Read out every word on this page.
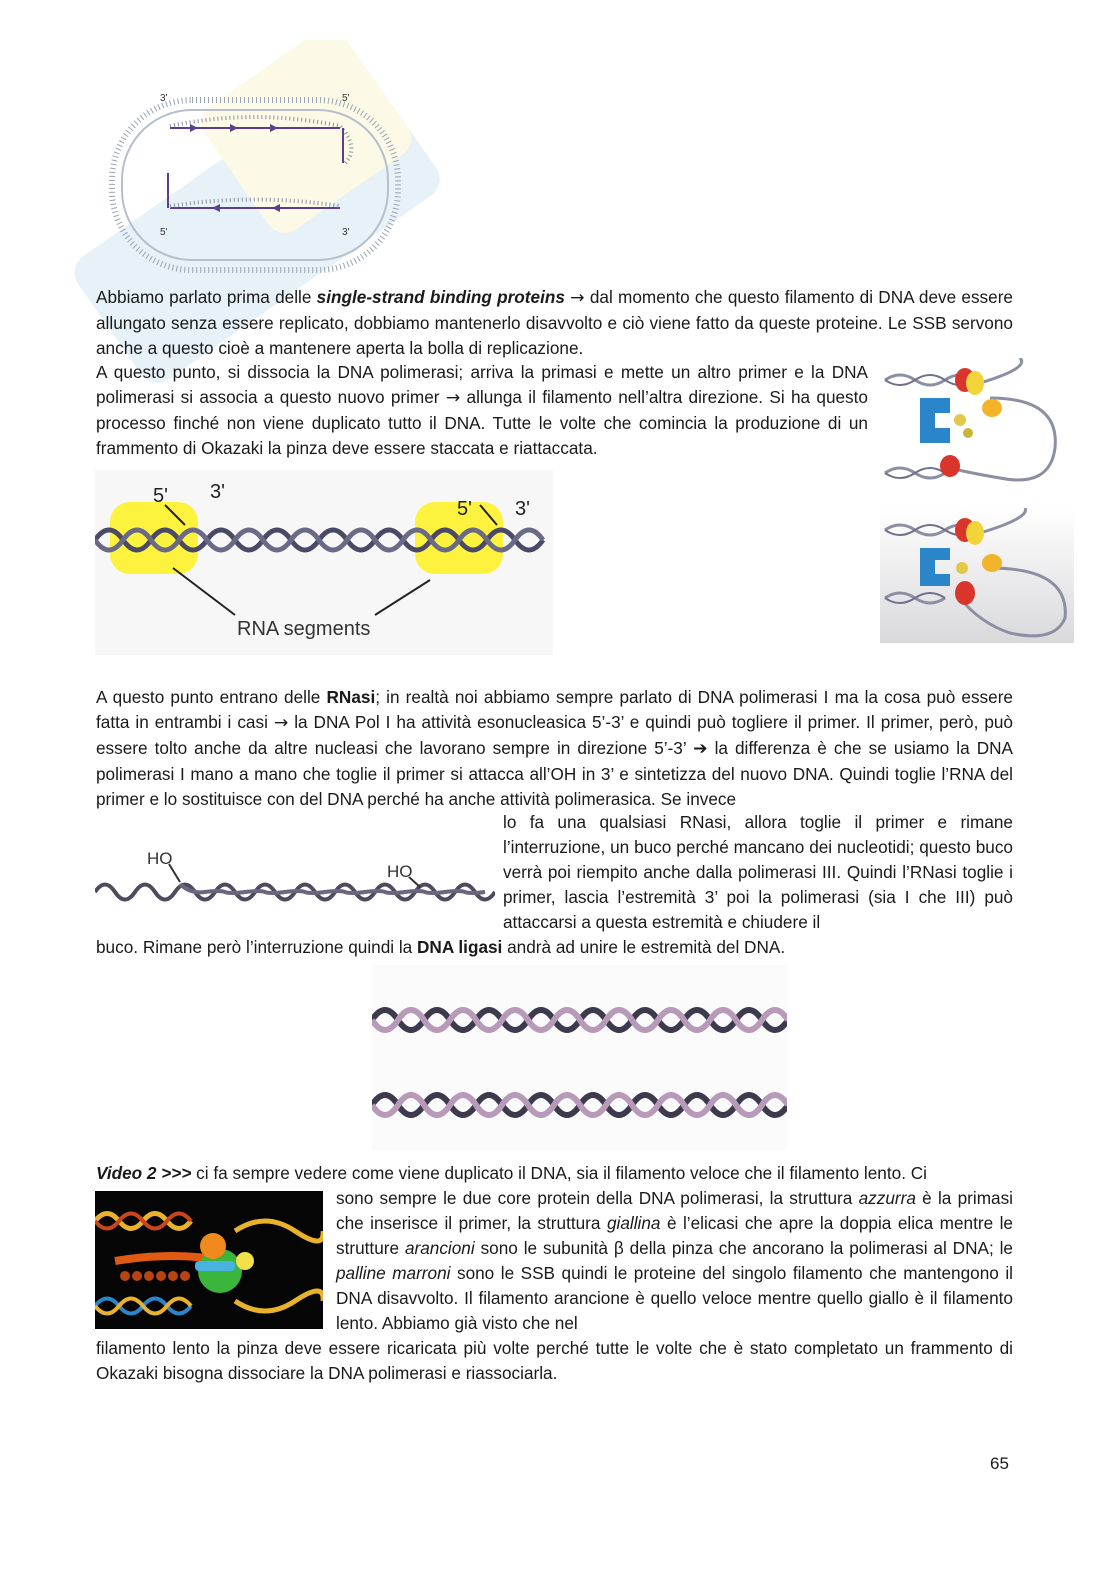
3'	5'
5'	3'
Abbiamo parlato prima delle single-strand binding proteins → dal momento che questo filamento di DNA deve essere allungato senza essere replicato, dobbiamo mantenerlo disavvolto e ciò viene fatto da queste proteine. Le SSB servono anche a questo cioè a mantenere aperta la bolla di replicazione.
A questo punto, si dissocia la DNA polimerasi; arriva la primasi e mette un altro primer e la DNA polimerasi si associa a questo nuovo primer → allunga il filamento nell’altra direzione. Si ha questo processo finché non viene duplicato tutto il DNA. Tutte le volte che comincia la produzione di un frammento di Okazaki la pinza deve essere staccata e riattaccata.
5' 3'
5' 3'
RNA segments
A questo punto entrano delle RNasi; in realtà noi abbiamo sempre parlato di DNA polimerasi I ma la cosa può essere fatta in entrambi i casi → la DNA Pol I ha attività esonucleasica 5’-3’ e quindi può togliere il primer. Il primer, però, può essere tolto anche da altre nucleasi che lavorano sempre in direzione 5’-3’ ➔ la differenza è che se usiamo la DNA polimerasi I mano a mano che toglie il primer si attacca all’OH in 3’ e sintetizza del nuovo DNA. Quindi toglie l’RNA del primer e lo sostituisce con del DNA perché ha anche attività polimerasica. Se invece
HO
HO
lo fa una qualsiasi RNasi, allora toglie il primer e rimane l’interruzione, un buco perché mancano dei nucleotidi; questo buco verrà poi riempito anche dalla polimerasi III. Quindi l’RNasi toglie i primer, lascia l’estremità 3’ poi la polimerasi (sia I che III) può attaccarsi a questa estremità e chiudere il
buco. Rimane però l’interruzione quindi la DNA ligasi andrà ad unire le estremità del DNA.
Video 2 >>> ci fa sempre vedere come viene duplicato il DNA, sia il filamento veloce che il filamento lento. Ci
sono sempre le due core protein della DNA polimerasi, la struttura azzurra è la primasi che inserisce il primer, la struttura giallina è l’elicasi che apre la doppia elica mentre le strutture arancioni sono le subunità β della pinza che ancorano la polimerasi al DNA; le palline marroni sono le SSB quindi le proteine del singolo filamento che mantengono il DNA disavvolto. Il filamento arancione è quello veloce mentre quello giallo è il filamento lento. Abbiamo già visto che nel
filamento lento la pinza deve essere ricaricata più volte perché tutte le volte che è stato completato un frammento di Okazaki bisogna dissociare la DNA polimerasi e riassociarla.
65
